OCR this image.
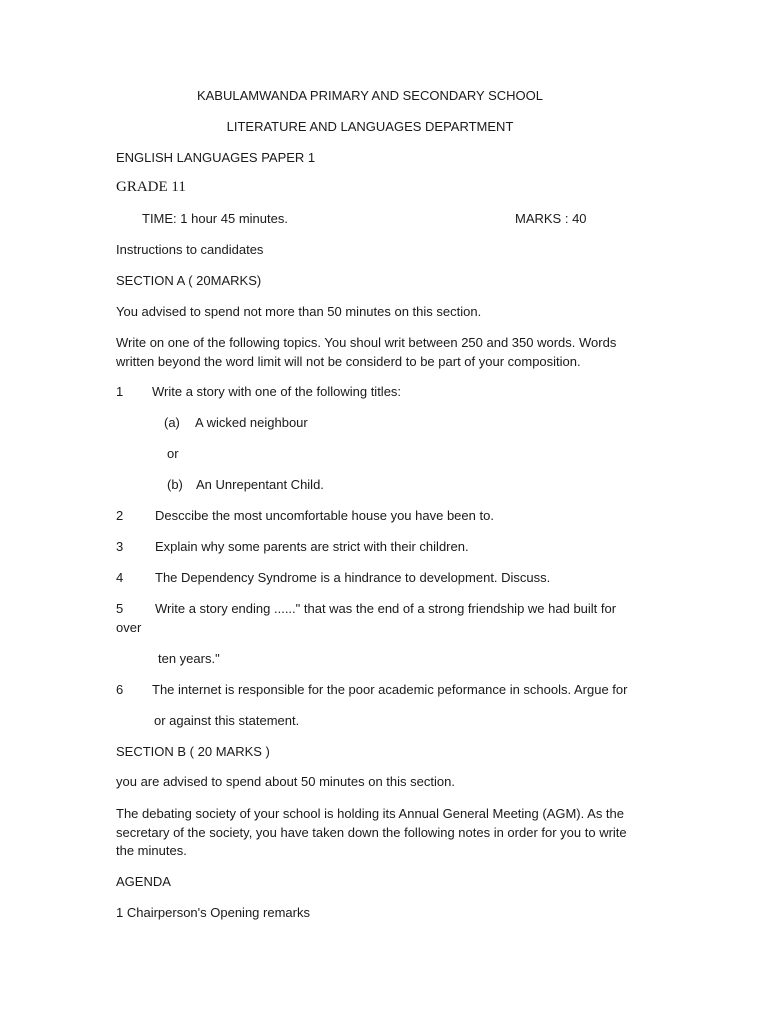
KABULAMWANDA PRIMARY AND SECONDARY SCHOOL
LITERATURE AND LANGUAGES DEPARTMENT
ENGLISH LANGUAGES PAPER 1
GRADE 11
TIME: 1 hour 45 minutes.	MARKS : 40
Instructions to candidates
SECTION A ( 20MARKS)
You advised to spend not more than 50 minutes on this section.
Write on one of the following topics. You shoul writ between 250 and 350 words. Words
written beyond the word limit will not be considerd to be part of your composition.
1 Write a story with one of the following titles:
(a) A wicked neighbour
or
(b) An Unrepentant Child.
2 Desccibe the most uncomfortable house you have been to.
3 Explain why some parents are strict with their children.
4 The Dependency Syndrome is a hindrance to development. Discuss.
5 Write a story ending ......" that was the end of a strong friendship we had built for
over
ten years."
6 The internet is responsible for the poor academic peformance in schools. Argue for
or against this statement.
SECTION B ( 20 MARKS )
you are advised to spend about 50 minutes on this section.
The debating society of your school is holding its Annual General Meeting (AGM). As the
secretary of the society, you have taken down the following notes in order for you to write
the minutes.
AGENDA
1 Chairperson's Opening remarks
